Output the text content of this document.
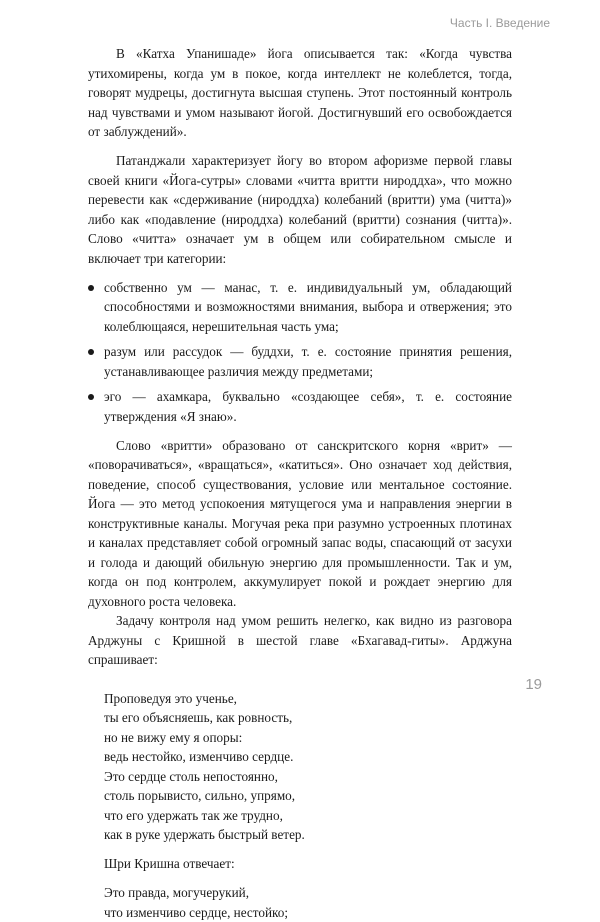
Часть I. Введение

В «Катха Упанишаде» йога описывается так: «Когда чувства утихомирены, когда ум в покое, когда интеллект не колеблется, тогда, говорят мудрецы, достигнута высшая ступень. Этот постоянный контроль над чувствами и умом называют йогой. Достигнувший его освобождается от заблуждений».

Патанджали характеризует йогу во втором афоризме первой главы своей книги «Йога-сутры» словами «читта вритти нироддха», что можно перевести как «сдерживание (нироддха) колебаний (вритти) ума (читта)» либо как «подавление (нироддха) колебаний (вритти) сознания (читта)». Слово «читта» означает ум в общем или собирательном смысле и включает три категории:

собственно ум — манас, т. е. индивидуальный ум, обладающий способностями и возможностями внимания, выбора и отвержения; это колеблющаяся, нерешительная часть ума;
разум или рассудок — буддхи, т. е. состояние принятия решения, устанавливающее различия между предметами;
эго — ахамкара, буквально «создающее себя», т. е. состояние утверждения «Я знаю».

Слово «вритти» образовано от санскритского корня «врит» — «поворачиваться», «вращаться», «катиться». Оно означает ход действия, поведение, способ существования, условие или ментальное состояние. Йога — это метод успокоения мятущегося ума и направления энергии в конструктивные каналы. Могучая река при разумно устроенных плотинах и каналах представляет собой огромный запас воды, спасающий от засухи и голода и дающий обильную энергию для промышленности. Так и ум, когда он под контролем, аккумулирует покой и рождает энергию для духовного роста человека.

Задачу контроля над умом решить нелегко, как видно из разговора Арджуны с Кришной в шестой главе «Бхагавад-гиты». Арджуна спрашивает:

Проповедуя это ученье,
ты его объясняешь, как ровность,
но не вижу ему я опоры:
ведь нестойко, изменчиво сердце.
Это сердце столь непостоянно,
столь порывисто, сильно, упрямо,
что его удержать так же трудно,
как в руке удержать быстрый ветер.

Шри Кришна отвечает:

Это правда, могучерукий,
что изменчиво сердце, нестойко;
19
